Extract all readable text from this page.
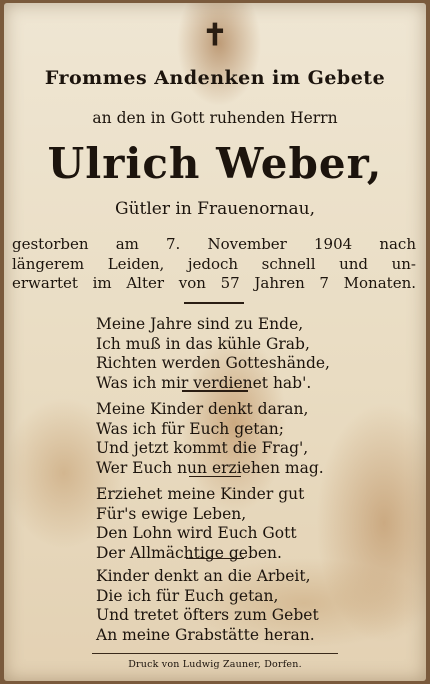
✝
Frommes Andenken im Gebete
an den in Gott ruhenden Herrn
Ulrich Weber,
Gütler in Frauenornau,
gestorben am 7. November 1904 nach
längerem Leiden, jedoch schnell und un-
erwartet im Alter von 57 Jahren 7 Monaten.
Meine Jahre sind zu Ende,
Ich muß in das kühle Grab,
Richten werden Gotteshände,
Was ich mir verdienet hab'.
Meine Kinder denkt daran,
Was ich für Euch getan;
Und jetzt kommt die Frag',
Wer Euch nun erziehen mag.
Erziehet meine Kinder gut
Für's ewige Leben,
Den Lohn wird Euch Gott
Der Allmächtige geben.
Kinder denkt an die Arbeit,
Die ich für Euch getan,
Und tretet öfters zum Gebet
An meine Grabstätte heran.
Druck von Ludwig Zauner, Dorfen.
